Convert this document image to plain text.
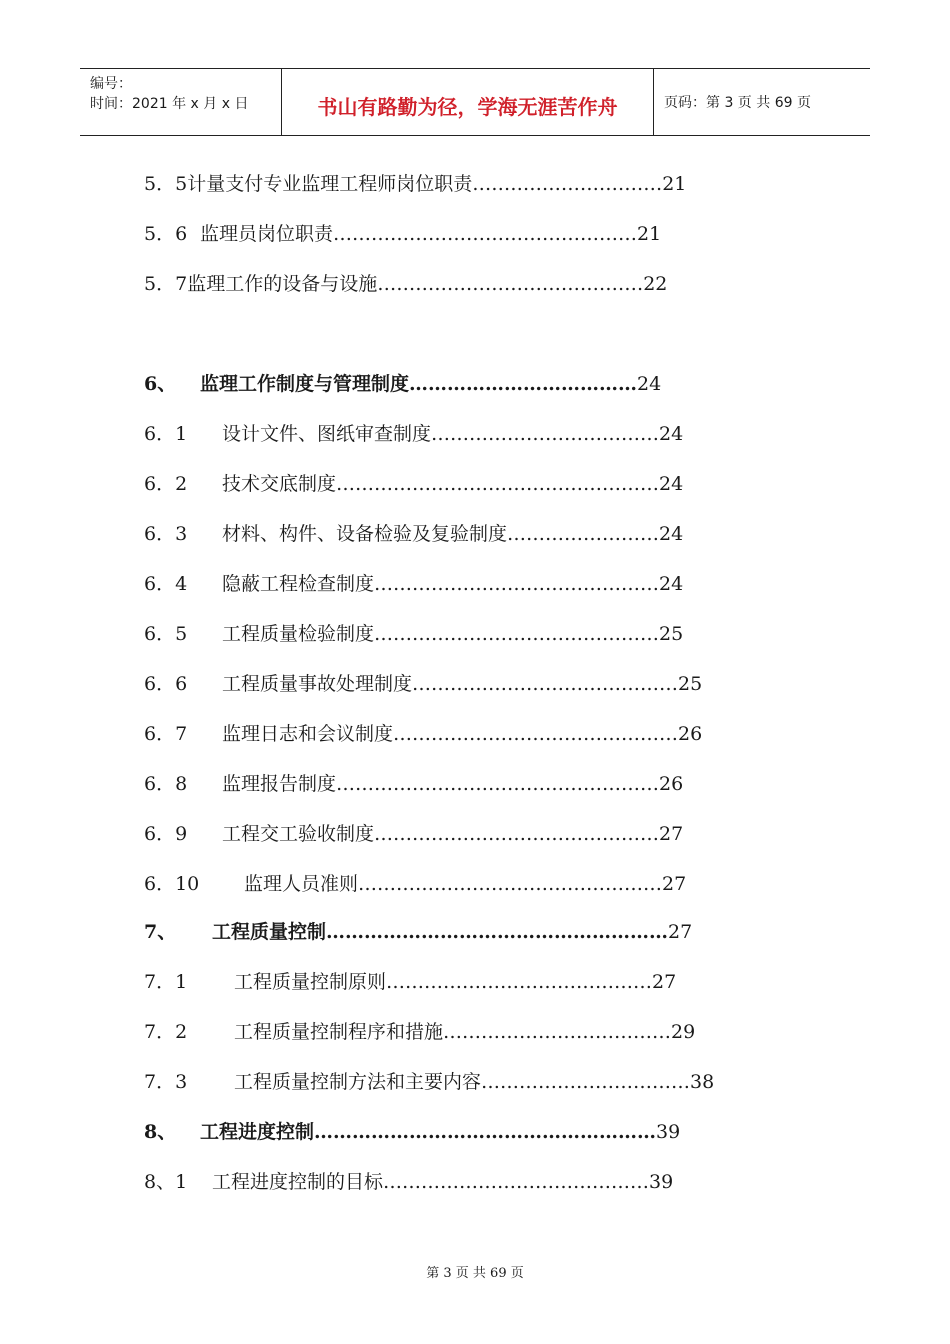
编号：
时间：2021 年 x 月 x 日	书山有路勤为径，学海无涯苦作舟	页码：第 3 页 共 69 页
5．5计量支付专业监理工程师岗位职责…………………………21
5．6 监理员岗位职责…………………………………………21
5．7监理工作的设备与设施……………………………………22
6、 监理工作制度与管理制度………………………………24
6．1 设计文件、图纸审查制度………………………………24
6．2 技术交底制度……………………………………………24
6．3 材料、构件、设备检验及复验制度……………………24
6．4 隐蔽工程检查制度………………………………………24
6．5 工程质量检验制度………………………………………25
6．6 工程质量事故处理制度……………………………………25
6．7 监理日志和会议制度………………………………………26
6．8 监理报告制度……………………………………………26
6．9 工程交工验收制度………………………………………27
6．10 监理人员准则…………………………………………27
7、 工程质量控制………………………………………………27
7．1 工程质量控制原则……………………………………27
7．2 工程质量控制程序和措施………………………………29
7．3 工程质量控制方法和主要内容……………………………38
8、 工程进度控制………………………………………………39
8、1 工程进度控制的目标……………………………………39
第 3 页 共 69 页
